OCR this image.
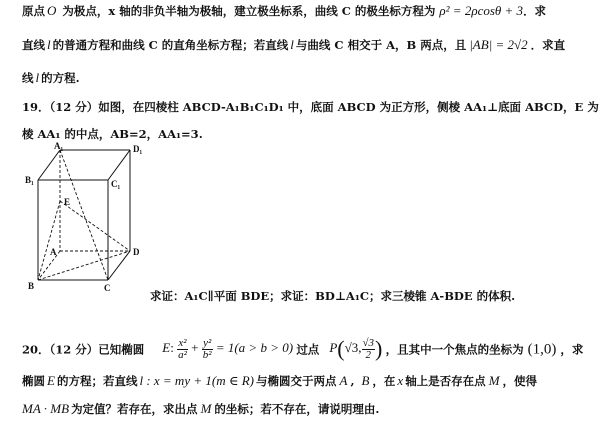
原点 O 为极点，x 轴的非负半轴为极轴，建立极坐标系，曲线 C 的极坐标方程为 ρ² = 2ρcosθ + 3．求
直线 l 的普通方程和曲线 C 的直角坐标方程；若直线 l 与曲线 C 相交于 A，B 两点，且 |AB| = 2√2 ．求直
线 l 的方程.
19．（12 分）如图，在四棱柱 ABCD-A₁B₁C₁D₁ 中，底面 ABCD 为正方形，侧棱 AA₁⊥底面 ABCD，E 为
棱 AA₁ 的中点，AB=2，AA₁=3.
A₁	D₁
B₁	C₁
E
A	D
B	C
求证：A₁C∥平面 BDE；求证：BD⊥A₁C；求三棱锥 A-BDE 的体积.
20．（12 分）已知椭圆 E: $\frac{\text{x²}}{\text{a²}} + \frac{\text{y²}}{\text{b²}} = 1(a > b > 0)$ 过点 P(√3, $\frac{√3}{2}$ ) ，且其中一个焦点的坐标为 (1,0) ，求
椭圆 E 的方程；若直线 l : x = my + 1(m ∈ R) 与椭圆交于两点 A , B ，在 x 轴上是否存在点 M ，使得
MA · MB 为定值？若存在，求出点 M 的坐标；若不存在，请说明理由.
